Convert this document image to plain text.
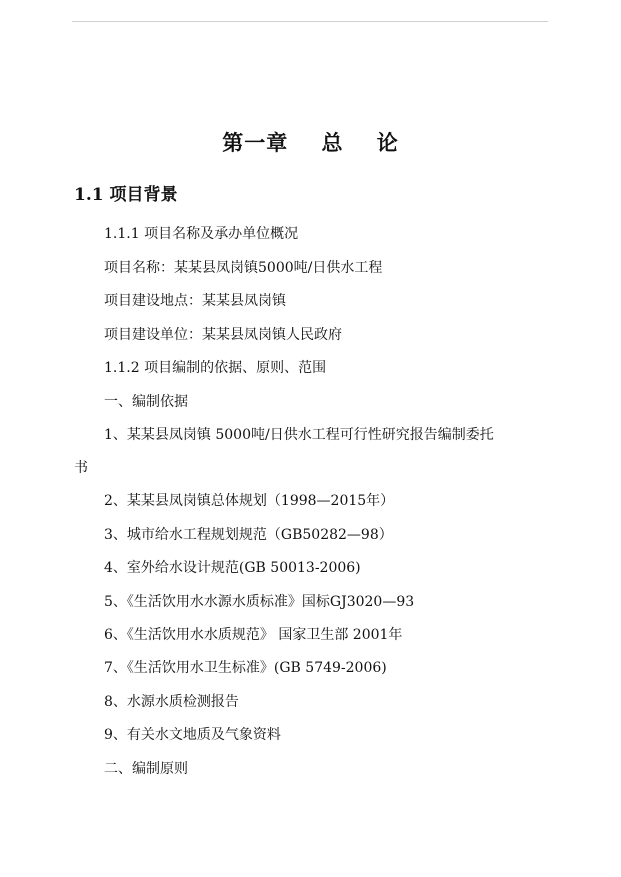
第一章    总    论
1.1 项目背景
1.1.1 项目名称及承办单位概况
项目名称：某某县凤岗镇5000吨/日供水工程
项目建设地点：某某县凤岗镇
项目建设单位：某某县凤岗镇人民政府
1.1.2 项目编制的依据、原则、范围
一、编制依据
1、某某县凤岗镇 5000吨/日供水工程可行性研究报告编制委托
书
2、某某县凤岗镇总体规划（1998—2015年）
3、城市给水工程规划规范（GB50282—98）
4、室外给水设计规范(GB 50013-2006)
5、《生活饮用水水源水质标准》国标GJ3020—93
6、《生活饮用水水质规范》 国家卫生部 2001年
7、《生活饮用水卫生标准》(GB 5749-2006)
8、水源水质检测报告
9、有关水文地质及气象资料
二、编制原则
